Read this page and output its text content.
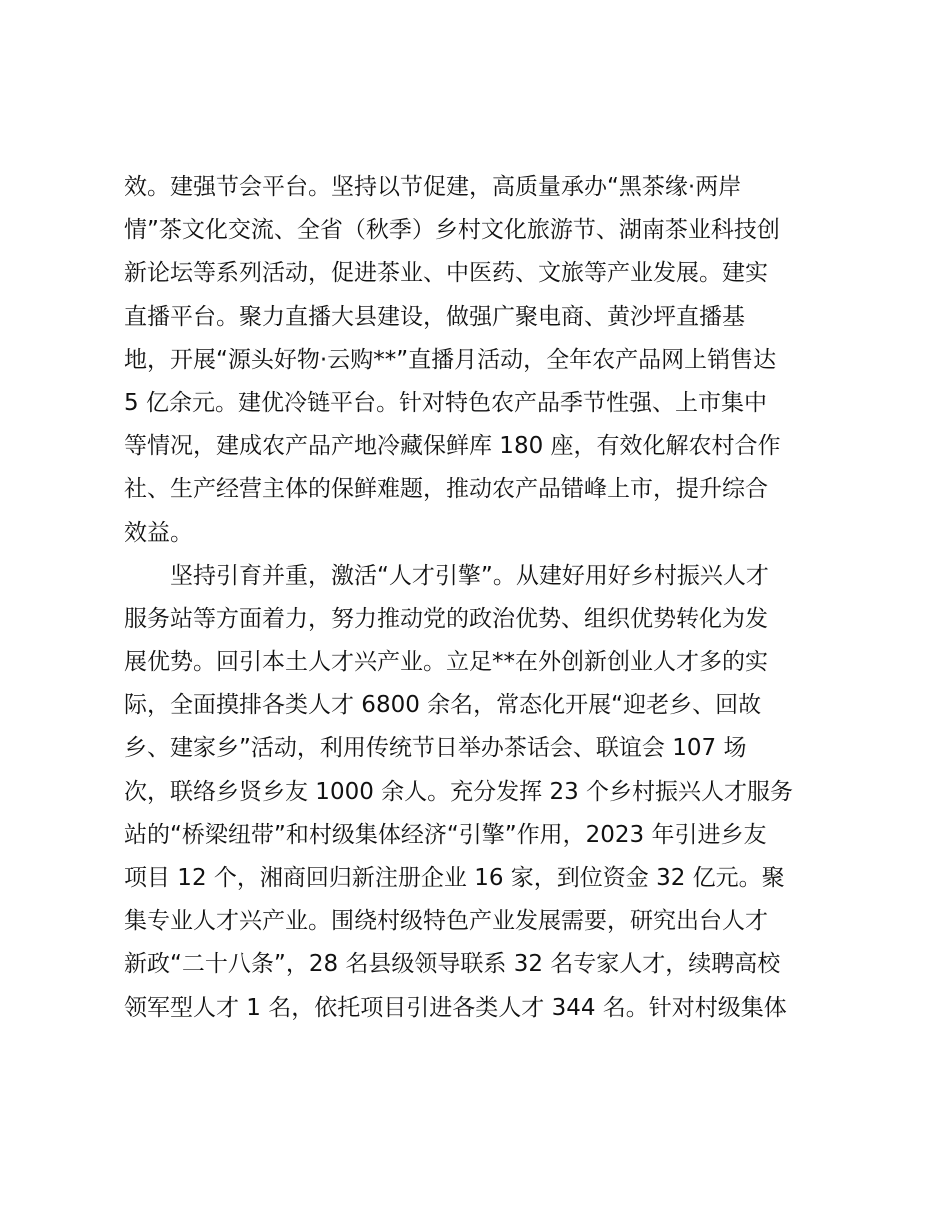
效。建强节会平台。坚持以节促建，高质量承办“黑茶缘·两岸
情”茶文化交流、全省（秋季）乡村文化旅游节、湖南茶业科技创
新论坛等系列活动，促进茶业、中医药、文旅等产业发展。建实
直播平台。聚力直播大县建设，做强广聚电商、黄沙坪直播基
地，开展“源头好物·云购**”直播月活动，全年农产品网上销售达
5 亿余元。建优冷链平台。针对特色农产品季节性强、上市集中
等情况，建成农产品产地冷藏保鲜库 180 座，有效化解农村合作
社、生产经营主体的保鲜难题，推动农产品错峰上市，提升综合
效益。
　　坚持引育并重，激活“人才引擎”。从建好用好乡村振兴人才
服务站等方面着力，努力推动党的政治优势、组织优势转化为发
展优势。回引本土人才兴产业。立足**在外创新创业人才多的实
际，全面摸排各类人才 6800 余名，常态化开展“迎老乡、回故
乡、建家乡”活动，利用传统节日举办茶话会、联谊会 107 场
次，联络乡贤乡友 1000 余人。充分发挥 23 个乡村振兴人才服务
站的“桥梁纽带”和村级集体经济“引擎”作用，2023 年引进乡友
项目 12 个，湘商回归新注册企业 16 家，到位资金 32 亿元。聚
集专业人才兴产业。围绕村级特色产业发展需要，研究出台人才
新政“二十八条”，28 名县级领导联系 32 名专家人才，续聘高校
领军型人才 1 名，依托项目引进各类人才 344 名。针对村级集体
